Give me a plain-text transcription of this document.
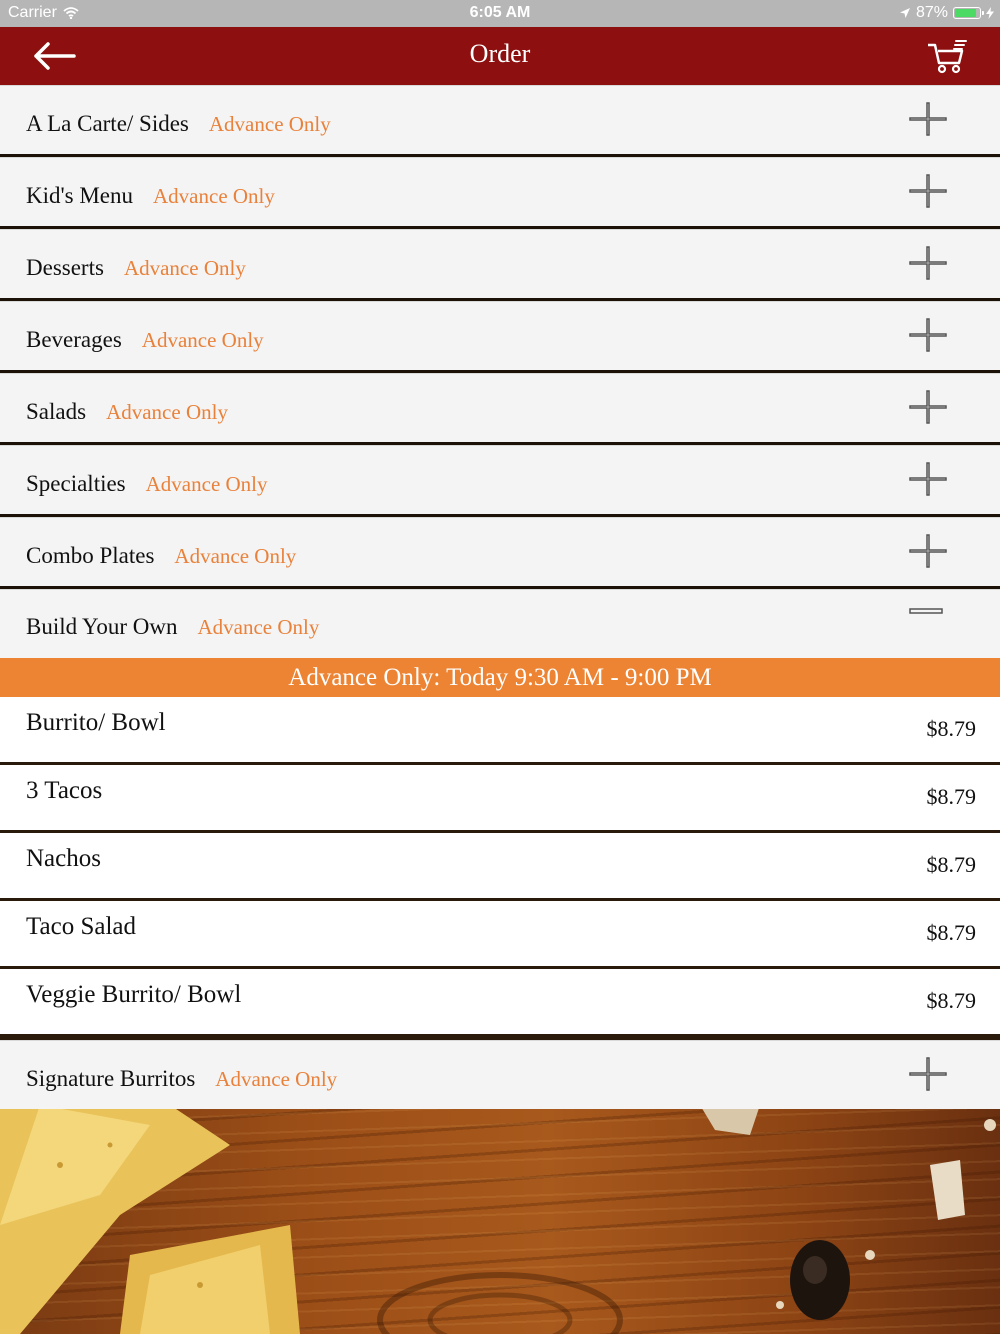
Carrier	6:05 AM	87%
Order
A La Carte/ Sides Advance Only
Kid's Menu Advance Only
Desserts Advance Only
Beverages Advance Only
Salads Advance Only
Specialties Advance Only
Combo Plates Advance Only
Build Your Own Advance Only
Advance Only: Today 9:30 AM - 9:00 PM
Burrito/ Bowl	$8.79
3 Tacos	$8.79
Nachos	$8.79
Taco Salad	$8.79
Veggie Burrito/ Bowl	$8.79
Signature Burritos Advance Only
